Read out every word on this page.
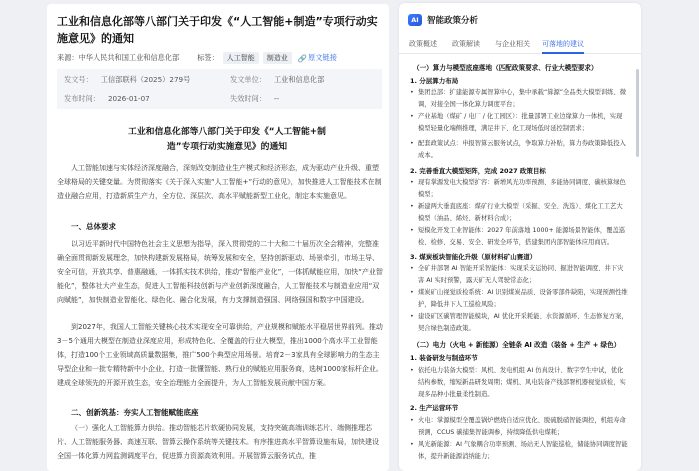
工业和信息化部等八部门关于印发《“人工智能+制造”专项行动实施意见》的通知
来源： 中华人民共和国工业和信息化部	标签：	人工智能	制造业	🔗 原文链接
发文号： 工信部联科（2025）279号	发文单位： 工业和信息化部
发布时间： 2026-01-07	失效时间： --
工业和信息化部等八部门关于印发《“人工智能+制造”专项行动实施意见》的通知
人工智能加速与实体经济深度融合，深刻改变制造业生产模式和经济形态，成为驱动产业升级、重塑全球格局的关键变量。为贯彻落实《关于深入实施“人工智能+”行动的意见》，加快推进人工智能技术在制造业融合应用，打造新质生产力，全方位、深层次、高水平赋能新型工业化，制定本实施意见。
一、总体要求
以习近平新时代中国特色社会主义思想为指导，深入贯彻党的二十大和二十届历次全会精神，完整准确全面贯彻新发展理念，加快构建新发展格局，统筹发展和安全，坚持创新驱动、场景牵引，市场主导、安全可信，开放共享、普惠融通，一体抓实技术供给，推动“智能产业化”，一体抓赋能应用，加快“产业智能化”，整体社大产业生态，促进人工智能科技创新与产业创新深度融合，人工智能技术与制造业应用“双向赋能”，加快制造业智能化、绿色化、融合化发展，有力支撑制造强国、网络强国和数字中国建设。
到2027年，我国人工智能关键核心技术实现安全可靠供给，产业规模和赋能水平稳居世界前列。推动3－5个通用大模型在制造业深度应用，形成特色化、全覆盖的行业大模型，推出1000个高水平工业智能体，打造100个工业领域高质量数据集，推广500个典型应用场景。培育2－3家具有全球影响力的生态主导型企业和一批专精特新中小企业，打造一批懂智能、熟行业的赋能应用服务商，选树1000家标杆企业。建成全球领先的开源开放生态，安全治理能力全面提升，为人工智能发展贡献中国方案。
二、创新筑基：夯实人工智能赋能底座
（一）强化人工智能算力供给。推动智能芯片软硬协同发展，支持突破高端训练芯片、端侧推理芯片、人工智能服务器、高速互联、智算云操作系统等关键技术。有序推进高水平智算设施布局，加快建设全国一体化算力网监测调度平台，促进算力资源高效利用。开展智算云服务试点，推
AI 智能政策分析
政策概述 政策解读 与企业相关 可落地的建议
（一）算力与模型底座落地（匹配政策要求、行业大模型要求）
1. 分层算力布局
• 集团总部：扩建能源专属智算中心，集中承载“算源”全品类大模型训练、微调，对接全国一体化算力调度平台；
• 产业基地（煤矿 / 电厂 / 化工园区）：批量部署工业边缘算力一体机，实现模型轻量化端侧推理，满足井下、化工现场低时延控制需求；
• 配套政策试点：申报智算云服务试点，争取算力补贴，算力券政策降低投入成本。
2. 完善垂直大模型矩阵，完成 2027 政策目标
• 现有掌源发电大模型扩容：新增风光功率预测、多能协同调度、碳核算绿色模型；
• 新建两大垂直底座：煤矿行业大模型（采掘、安全、洗选）、煤化工工艺大模型（油品、烯烃、新材料合成）；
• 短模化开发工业智能体：2027 年前落地 1000+ 能源场景智能体，覆盖巡检、检修、交易、安全、研发全环节，搭建集团内部智能体应用商店。
3. 煤炭板块智能化升级（原材料矿山赛道）
• 全矿井部署 AI 智能开采智能体：实现采支运协同、掘进智能调度、井下灾害 AI 实时预警，露天矿无人驾驶常态化；
• 煤炭矿山视觉质检系统：AI 识别煤炭品质、设备零部件缺陷，实现预测性维护，降低井下人工巡检风险；
• 建设矿区碳管理智能模块，AI 优化开采耗能、水资源循环、生态修复方案，契合绿色制造政策。
（二）电力（火电 + 新能源）全链条 AI 改造（装备 + 生产 + 绿色）
1. 装备研发与制造环节
• 依托电力装备大模型：风机、发电机组 AI 仿真设计、数字孪生中试，优化结构参数，缩短新品研发周期；煤机、风电装备产线部署机器视觉质检，实现多品种小批量柔性制造。
2. 生产运营环节
• 火电：掌源模型全覆盖锅炉燃烧自适应优化、脱硫脱硝智能调控，机组寿命预测，CCUS 碳捕集智能调参，持续降低供电煤耗；
• 风光新能源：AI 气象耦合功率预测、场站无人智能巡检，储能协同调度智能体，提升新能源消纳能力；
